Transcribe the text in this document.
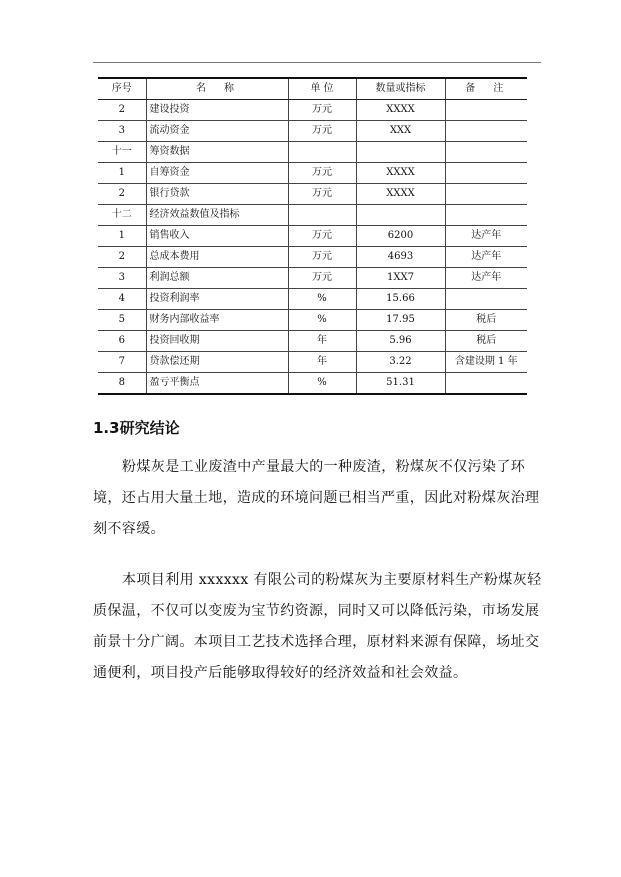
序号	名　称	单 位	数量或指标	备　注
2	建设投资	万元	XXXX	
3	流动资金	万元	XXX	
十一	筹资数据			
1	自筹资金	万元	XXXX	
2	银行贷款	万元	XXXX	
十二	经济效益数值及指标			
1	销售收入	万元	6200	达产年
2	总成本费用	万元	4693	达产年
3	利润总额	万元	1XX7	达产年
4	投资利润率	%	15.66	
5	财务内部收益率	%	17.95	税后
6	投资回收期	年	5.96	税后
7	贷款偿还期	年	3.22	含建设期 1 年
8	盈亏平衡点	%	51.31	
1.3研究结论

粉煤灰是工业废渣中产量最大的一种废渣，粉煤灰不仅污染了环境，还占用大量土地，造成的环境问题已相当严重，因此对粉煤灰治理刻不容缓。

本项目利用 xxxxxx 有限公司的粉煤灰为主要原材料生产粉煤灰轻质保温，不仅可以变废为宝节约资源，同时又可以降低污染，市场发展前景十分广阔。本项目工艺技术选择合理，原材料来源有保障，场址交通便利，项目投产后能够取得较好的经济效益和社会效益。
